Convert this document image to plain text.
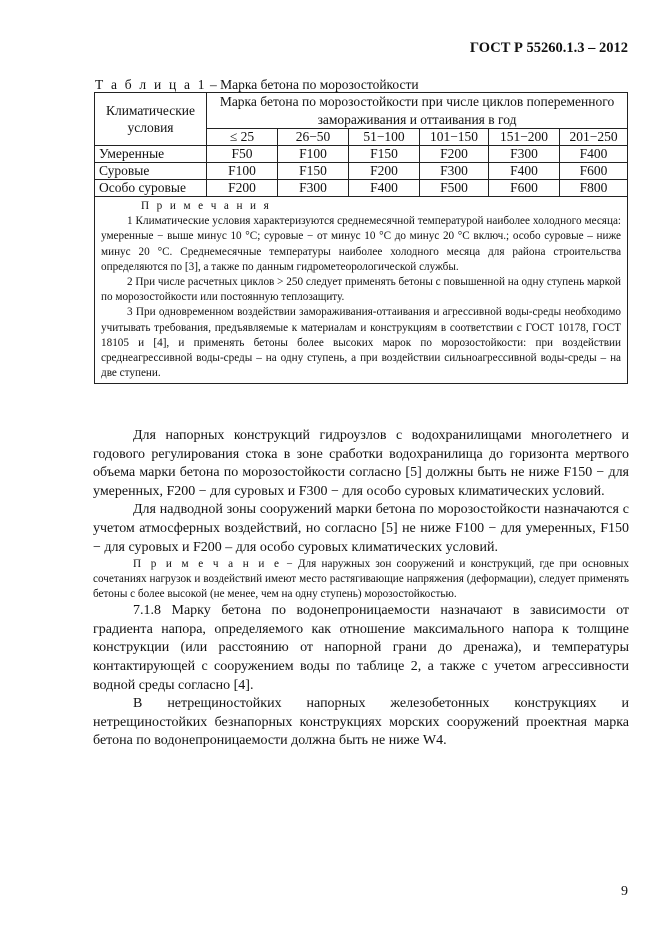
ГОСТ Р 55260.1.3 – 2012
Т а б л и ц а 1 – Марка бетона по морозостойкости
Климатические условия	Марка бетона по морозостойкости при числе циклов попеременного замораживания и оттаивания в год					
	≤ 25	26−50	51−100	101−150	151−200	201−250
Умеренные	F50	F100	F150	F200	F300	F400
Суровые	F100	F150	F200	F300	F400	F600
Особо суровые	F200	F300	F400	F500	F600	F800

П р и м е ч а н и я
1 Климатические условия характеризуются среднемесячной температурой наиболее холодного месяца: умеренные − выше минус 10 °С; суровые − от минус 10 °С до минус 20 °С включ.; особо суровые – ниже минус 20 °С. Среднемесячные температуры наиболее холодного месяца для района строительства определяются по [3], а также по данным гидрометеорологической службы.
2 При числе расчетных циклов > 250 следует применять бетоны с повышенной на одну ступень маркой по морозостойкости или постоянную теплозащиту.
3 При одновременном воздействии замораживания-оттаивания и агрессивной воды-среды необходимо учитывать требования, предъявляемые к материалам и конструкциям в соответствии с ГОСТ 10178, ГОСТ 18105 и [4], и применять бетоны более высоких марок по морозостойкости: при воздействии среднеагрессивной воды-среды – на одну ступень, а при воздействии сильноагрессивной воды-среды – на две ступени.						

Для напорных конструкций гидроузлов с водохранилищами многолетнего и годового регулирования стока в зоне сработки водохранилища до горизонта мертвого объема марки бетона по морозостойкости согласно [5] должны быть не ниже F150 − для умеренных, F200 − для суровых и F300 − для особо суровых климатических условий.

Для надводной зоны сооружений марки бетона по морозостойкости назначаются с учетом атмосферных воздействий, но согласно [5] не ниже F100 − для умеренных, F150 − для суровых и F200 – для особо суровых климатических условий.

П р и м е ч а н и е − Для наружных зон сооружений и конструкций, где при основных сочетаниях нагрузок и воздействий имеют место растягивающие напряжения (деформации), следует применять бетоны с более высокой (не менее, чем на одну ступень) морозостойкостью.

7.1.8 Марку бетона по водонепроницаемости назначают в зависимости от градиента напора, определяемого как отношение максимального напора к толщине конструкции (или расстоянию от напорной грани до дренажа), и температуры контактирующей с сооружением воды по таблице 2, а также с учетом агрессивности водной среды согласно [4].

В нетрещиностойких напорных железобетонных конструкциях и нетрещиностойких безнапорных конструкциях морских сооружений проектная марка бетона по водонепроницаемости должна быть не ниже W4.

9
